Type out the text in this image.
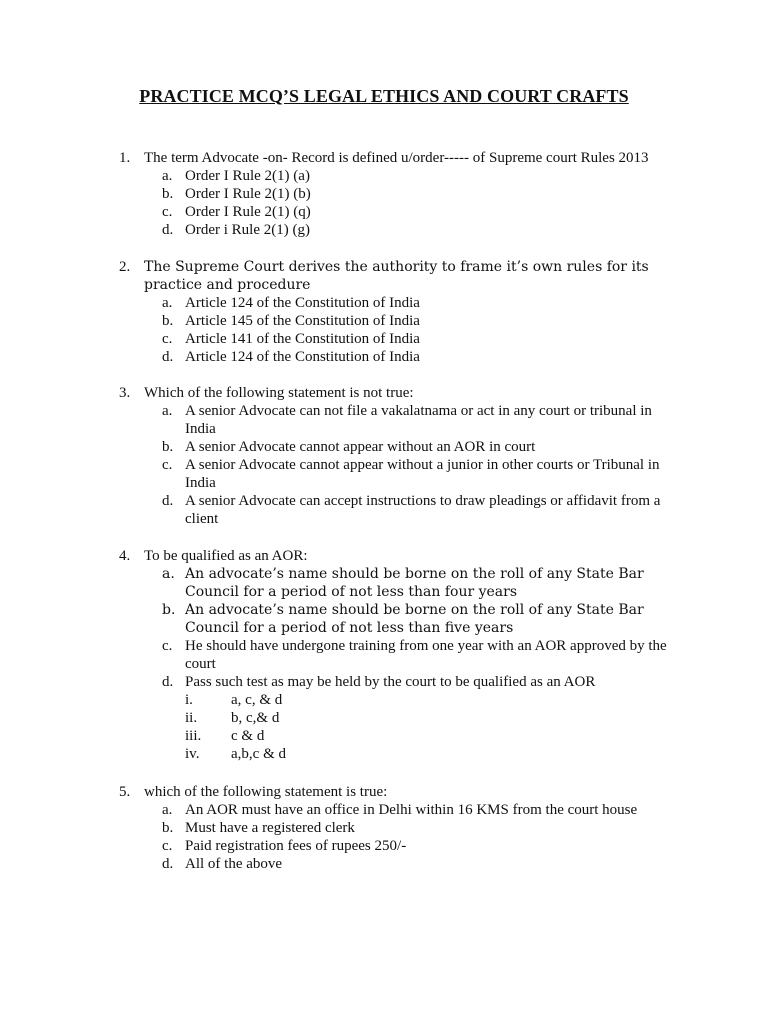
PRACTICE MCQ’S LEGAL ETHICS AND COURT CRAFTS
1. The term Advocate -on- Record is defined u/order----- of Supreme court Rules 2013
a. Order I Rule 2(1) (a)
b. Order I Rule 2(1) (b)
c. Order I Rule 2(1) (q)
d. Order i Rule 2(1) (g)
2. The Supreme Court derives the authority to frame it’s own rules for its practice and procedure
a. Article 124 of the Constitution of India
b. Article 145 of the Constitution of India
c. Article 141 of the Constitution of India
d. Article 124 of the Constitution of India
3. Which of the following statement is not true:
a. A senior Advocate can not file a vakalatnama or act in any court or tribunal in India
b. A senior Advocate cannot appear without an AOR in court
c. A senior Advocate cannot appear without a junior in other courts or Tribunal in India
d. A senior Advocate can accept instructions to draw pleadings or affidavit from a client
4. To be qualified as an AOR:
a. An advocate’s name should be borne on the roll of any State Bar Council for a period of not less than four years
b. An advocate’s name should be borne on the roll of any State Bar Council for a period of not less than five years
c. He should have undergone training from one year with an AOR approved by the court
d. Pass such test as may be held by the court to be qualified as an AOR
i.	a, c, & d
ii. b, c,& d
iii. c & d
iv. a,b,c & d
5. which of the following statement is true:
a. An AOR must have an office in Delhi within 16 KMS from the court house
b. Must have a registered clerk
c. Paid registration fees of rupees 250/-
d. All of the above
